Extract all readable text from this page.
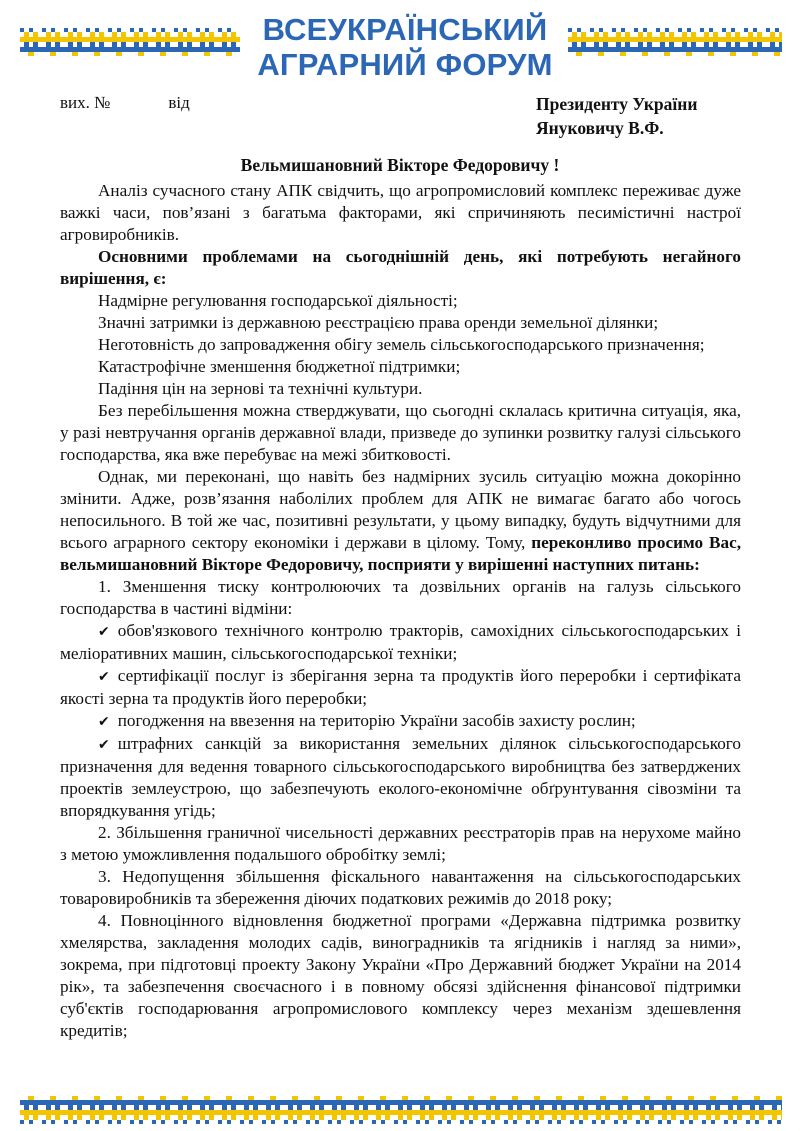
ВСЕУКРАЇНСЬКИЙ
АГРАРНИЙ ФОРУМ
вих. №	від	Президенту України
Януковичу В.Ф.
Вельмишановний Вікторе Федоровичу !

Аналіз сучасного стану АПК свідчить, що агропромисловий комплекс переживає дуже важкі часи, пов’язані з багатьма факторами, які спричиняють песимістичні настрої агровиробників.

Основними проблемами на сьогоднішній день, які потребують негайного вирішення, є:

Надмірне регулювання господарської діяльності;

Значні затримки із державною реєстрацією права оренди земельної ділянки;

Неготовність до запровадження обігу земель сільськогосподарського призначення;

Катастрофічне зменшення бюджетної підтримки;

Падіння цін на зернові та технічні культури.

Без перебільшення можна стверджувати, що сьогодні склалась критична ситуація, яка, у разі невтручання органів державної влади, призведе до зупинки розвитку галузі сільського господарства, яка вже перебуває на межі збитковості.

Однак, ми переконані, що навіть без надмірних зусиль ситуацію можна докорінно змінити. Адже, розв’язання наболілих проблем для АПК не вимагає багато або чогось непосильного. В той же час, позитивні результати, у цьому випадку, будуть відчутними для всього аграрного сектору економіки і держави в цілому. Тому, переконливо просимо Вас, вельмишановний Вікторе Федоровичу, посприяти у вирішенні наступних питань:

1. Зменшення тиску контролюючих та дозвільних органів на галузь сільського господарства в частині відміни:

✔ обов'язкового технічного контролю тракторів, самохідних сільськогосподарських і меліоративних машин, сільськогосподарської техніки;

✔ сертифікації послуг із зберігання зерна та продуктів його переробки і сертифіката якості зерна та продуктів його переробки;

✔ погодження на ввезення на територію України засобів захисту рослин;

✔ штрафних санкцій за використання земельних ділянок сільськогосподарського призначення для ведення товарного сільськогосподарського виробництва без затверджених проектів землеустрою, що забезпечують еколого-економічне обґрунтування сівозміни та впорядкування угідь;

2. Збільшення граничної чисельності державних реєстраторів прав на нерухоме майно з метою уможливлення подальшого обробітку землі;

3. Недопущення збільшення фіскального навантаження на сільськогосподарських товаровиробників та збереження діючих податкових режимів до 2018 року;

4. Повноцінного відновлення бюджетної програми «Державна підтримка розвитку хмелярства, закладення молодих садів, виноградників та ягідників і нагляд за ними», зокрема, при підготовці проекту Закону України «Про Державний бюджет України на 2014 рік», та забезпечення своєчасного і в повному обсязі здійснення фінансової підтримки суб'єктів господарювання агропромислового комплексу через механізм здешевлення кредитів;
